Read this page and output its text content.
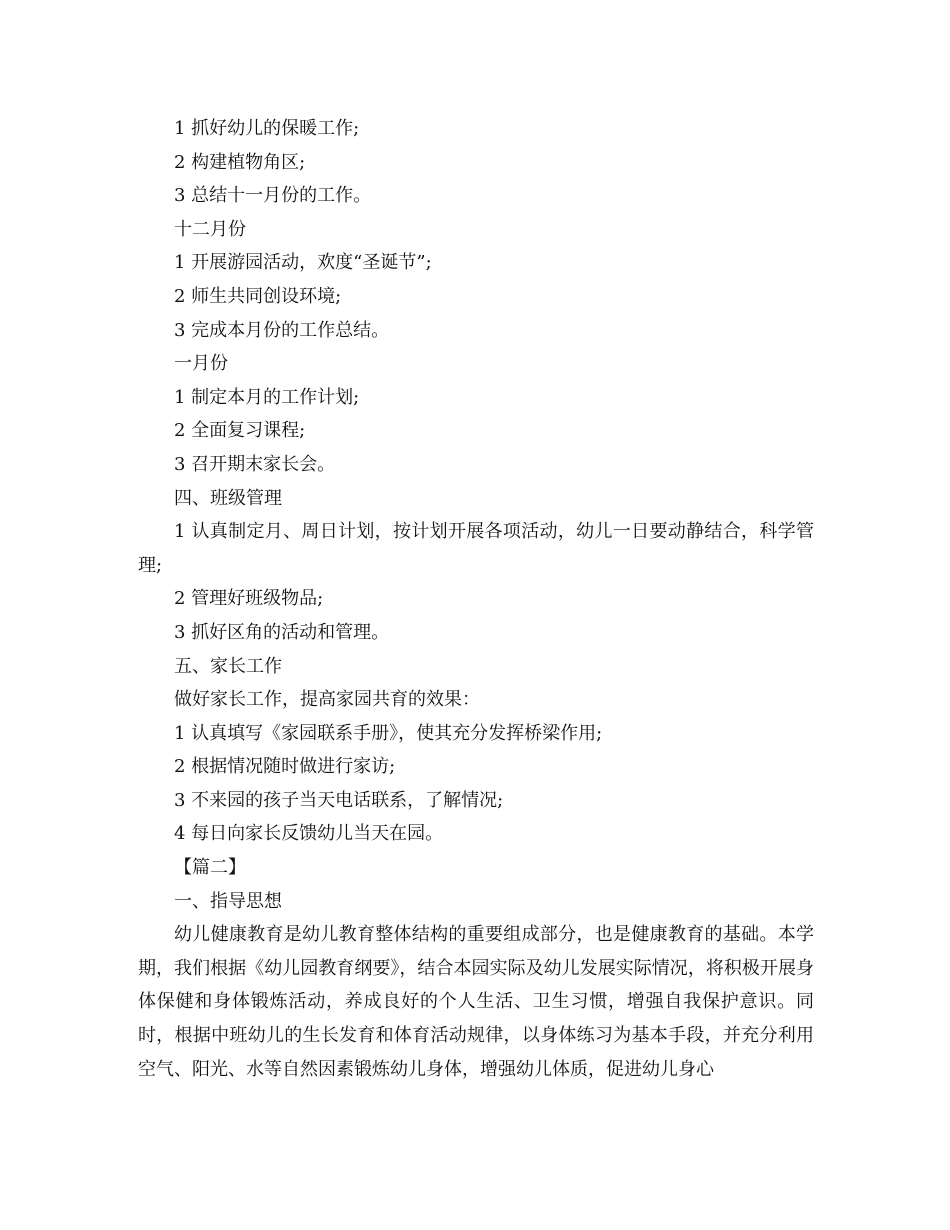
1 抓好幼儿的保暖工作;
2 构建植物角区;
3 总结十一月份的工作。
十二月份
1 开展游园活动，欢度“圣诞节”;
2 师生共同创设环境;
3 完成本月份的工作总结。
一月份
1 制定本月的工作计划;
2 全面复习课程;
3 召开期末家长会。
四、班级管理

1 认真制定月、周日计划，按计划开展各项活动，幼儿一日要动静结合，科学管理;

2 管理好班级物品;
3 抓好区角的活动和管理。
五、家长工作
做好家长工作，提高家园共育的效果：
1 认真填写《家园联系手册》，使其充分发挥桥梁作用;
2 根据情况随时做进行家访;
3 不来园的孩子当天电话联系，了解情况;
4 每日向家长反馈幼儿当天在园。
【篇二】
一、指导思想

幼儿健康教育是幼儿教育整体结构的重要组成部分，也是健康教育的基础。本学期，我们根据《幼儿园教育纲要》，结合本园实际及幼儿发展实际情况，将积极开展身体保健和身体锻炼活动，养成良好的个人生活、卫生习惯，增强自我保护意识。同时，根据中班幼儿的生长发育和体育活动规律，以身体练习为基本手段，并充分利用空气、阳光、水等自然因素锻炼幼儿身体，增强幼儿体质，促进幼儿身心
